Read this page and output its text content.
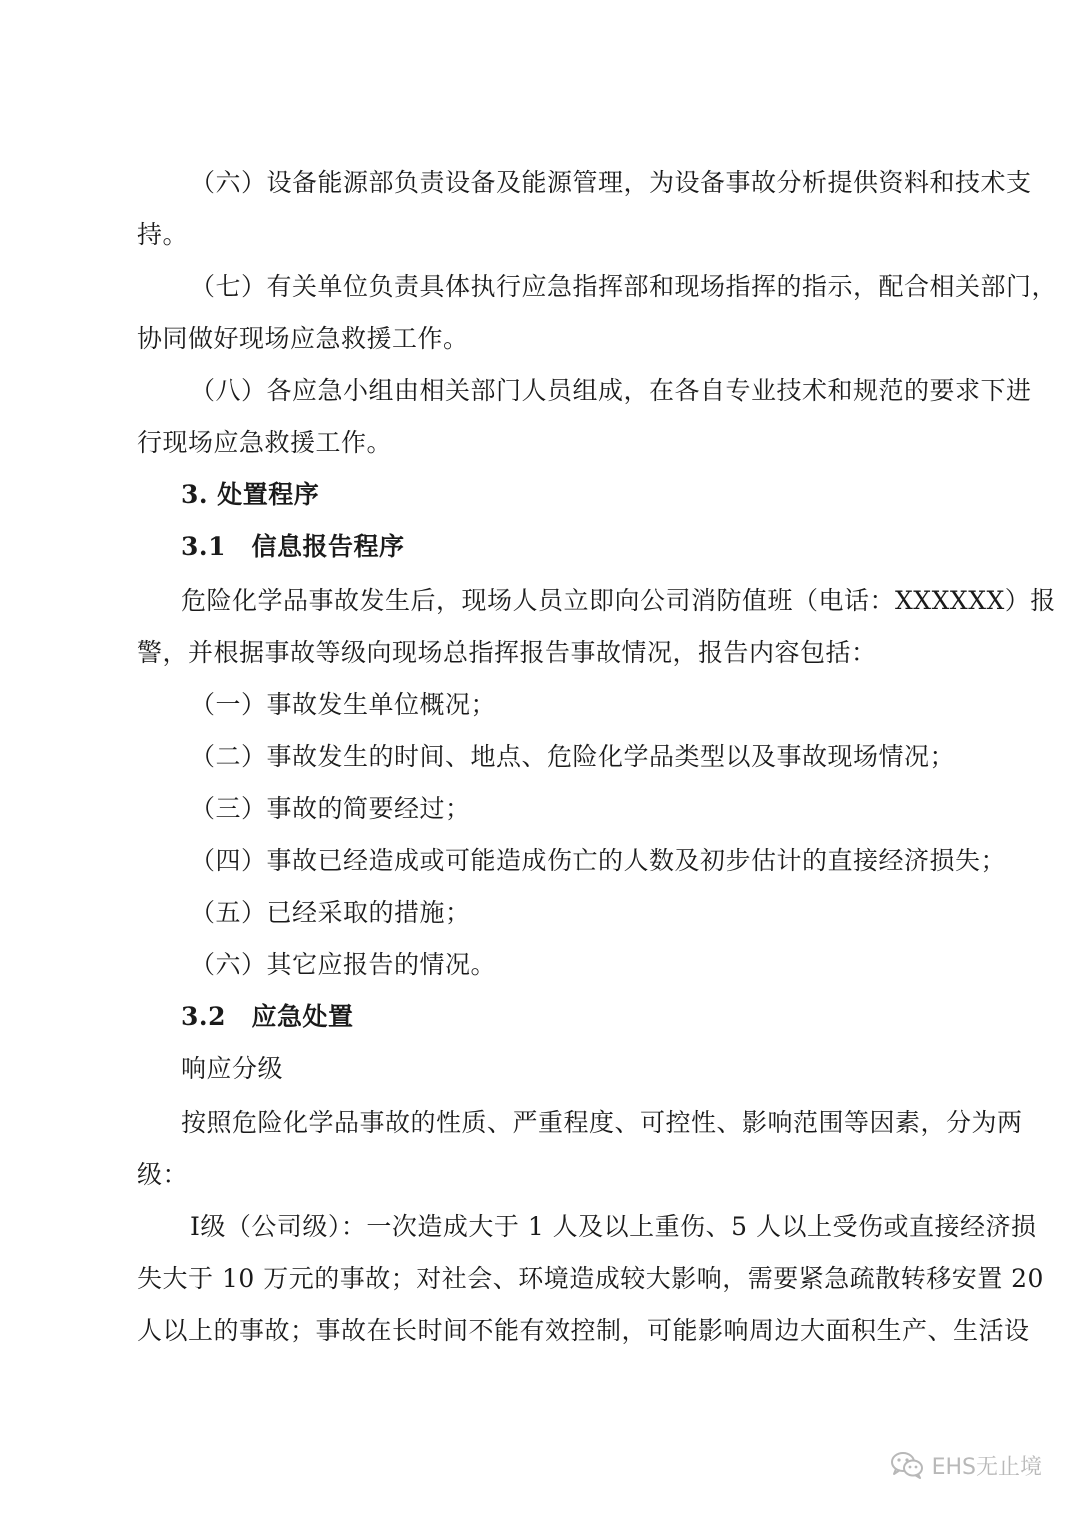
（六）设备能源部负责设备及能源管理，为设备事故分析提供资料和技术支
持。
（七）有关单位负责具体执行应急指挥部和现场指挥的指示，配合相关部门，
协同做好现场应急救援工作。
（八）各应急小组由相关部门人员组成，在各自专业技术和规范的要求下进
行现场应急救援工作。
3. 处置程序
3.1　信息报告程序
危险化学品事故发生后，现场人员立即向公司消防值班（电话：XXXXXX）报
警，并根据事故等级向现场总指挥报告事故情况，报告内容包括：
（一）事故发生单位概况；
（二）事故发生的时间、地点、危险化学品类型以及事故现场情况；
（三）事故的简要经过；
（四）事故已经造成或可能造成伤亡的人数及初步估计的直接经济损失；
（五）已经采取的措施；
（六）其它应报告的情况。
3.2　应急处置
响应分级
按照危险化学品事故的性质、严重程度、可控性、影响范围等因素，分为两
级：
Ⅰ级（公司级）：一次造成大于 1 人及以上重伤、5 人以上受伤或直接经济损
失大于 10 万元的事故；对社会、环境造成较大影响，需要紧急疏散转移安置 20
人以上的事故；事故在长时间不能有效控制，可能影响周边大面积生产、生活设
EHS无止境
